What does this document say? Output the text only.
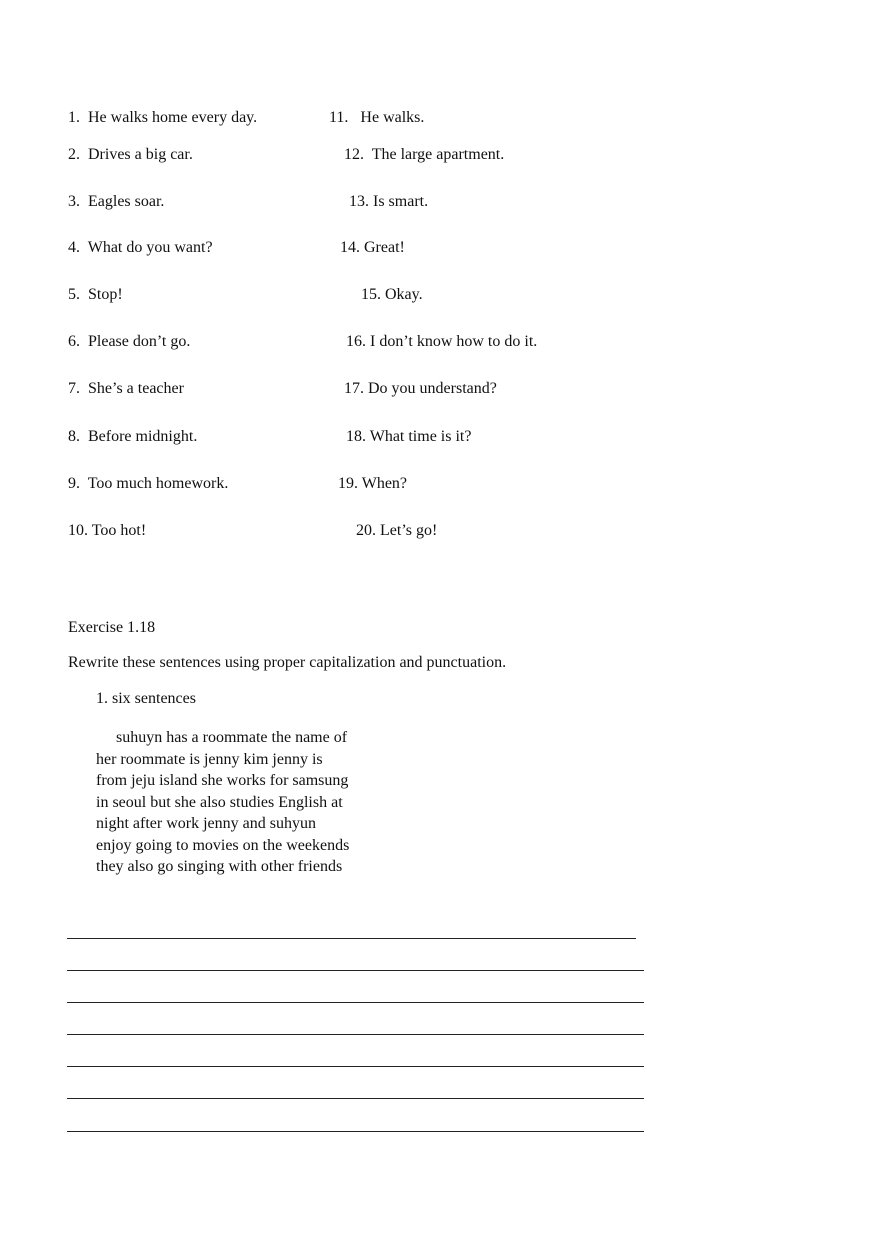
1.  He walks home every day.
2.  Drives a big car.
3.  Eagles soar.
4.  What do you want?
5.  Stop!
6.  Please don’t go.
7.  She’s a teacher
8.  Before midnight.
9.  Too much homework.
10. Too hot!
11.   He walks.
12.  The large apartment.
13. Is smart.
14. Great!
15. Okay.
16. I don’t know how to do it.
17. Do you understand?
18. What time is it?
19. When?
20. Let’s go!
Exercise 1.18
Rewrite these sentences using proper capitalization and punctuation.
1. six sentences
suhuyn has a roommate the name of
her roommate is jenny kim jenny is
from jeju island she works for samsung
in seoul but she also studies English at
night after work jenny and suhyun
enjoy going to movies on the weekends
they also go singing with other friends
